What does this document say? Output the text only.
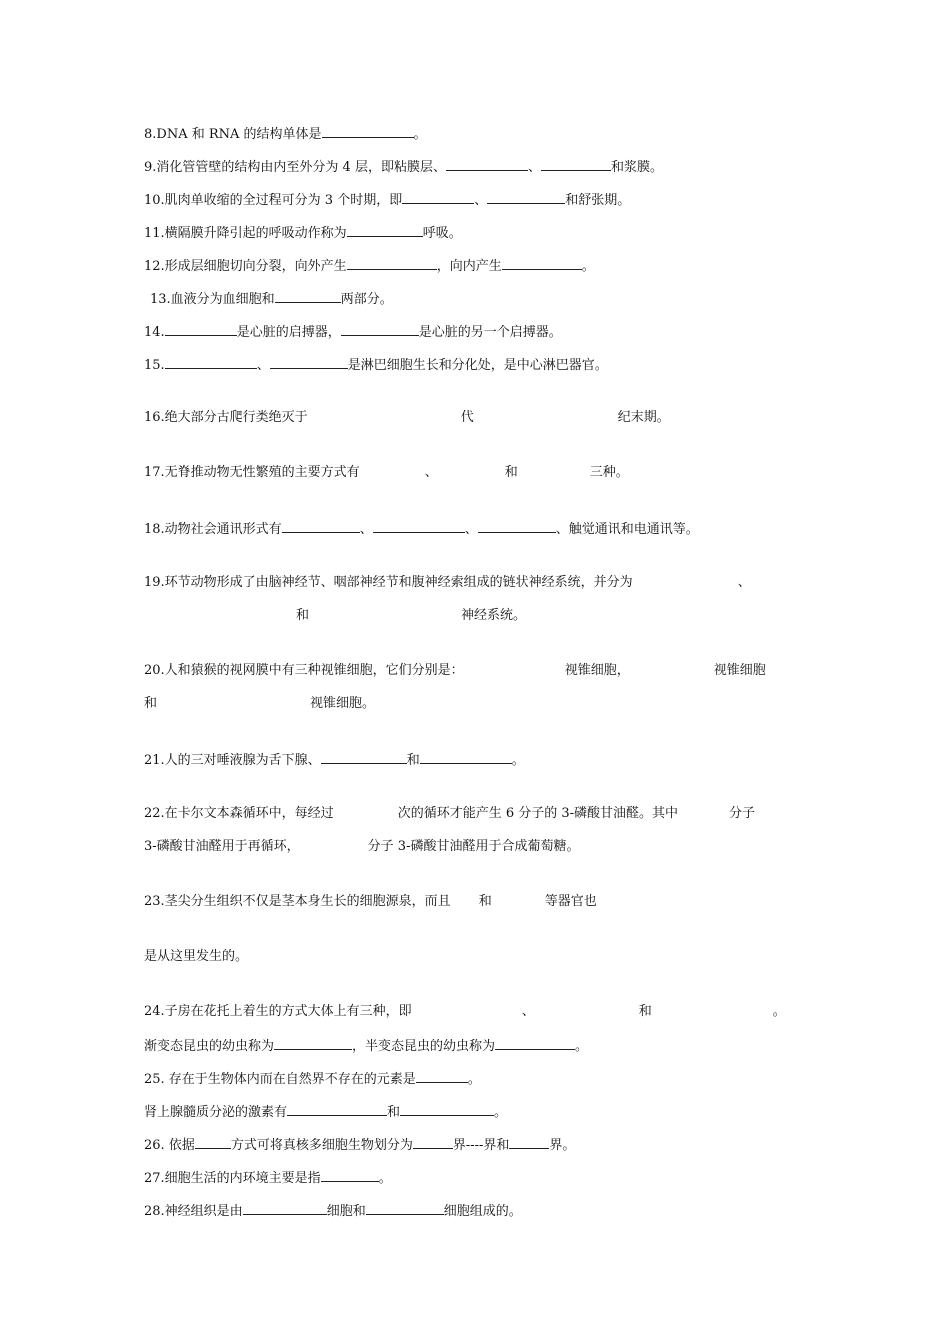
8.DNA 和 RNA 的结构单体是	。
9.消化管管壁的结构由内至外分为 4 层，即粘膜层、	、	和浆膜。
10.肌肉单收缩的全过程可分为 3 个时期，即	、	和舒张期。
11.横隔膜升降引起的呼吸动作称为	呼吸。
12.形成层细胞切向分裂，向外产生	，向内产生	。
13.血液分为血细胞和	两部分。
14.	是心脏的启搏器，	是心脏的另一个启搏器。
15.	、	是淋巴细胞生长和分化处，是中心淋巴器官。
16.绝大部分古爬行类绝灭于	代	纪末期。
17.无脊推动物无性繁殖的主要方式有	、	和	三种。
18.动物社会通讯形式有	、	、	、触觉通讯和电通讯等。
19.环节动物形成了由脑神经节、咽部神经节和腹神经索组成的链状神经系统，并分为	、
和	神经系统。
20.人和猿猴的视网膜中有三种视锥细胞，它们分别是：	视锥细胞，	视锥细胞
和	视锥细胞。
21.人的三对唾液腺为舌下腺、	和	。
22.在卡尔文本森循环中，每经过	次的循环才能产生 6 分子的 3-磷酸甘油醛。其中	分子
3-磷酸甘油醛用于再循环，	分子 3-磷酸甘油醛用于合成葡萄糖。
23.茎尖分生组织不仅是茎本身生长的细胞源泉，而且 和	等器官也
是从这里发生的。
24.子房在花托上着生的方式大体上有三种，即	、	和	。
渐变态昆虫的幼虫称为	，半变态昆虫的幼虫称为	。
25. 存在于生物体内而在自然界不存在的元素是	。
肾上腺髓质分泌的激素有	和	。
26. 依据	方式可将真核多细胞生物划分为	界----界和	界。
27.细胞生活的内环境主要是指	。
28.神经组织是由	细胞和	细胞组成的。
